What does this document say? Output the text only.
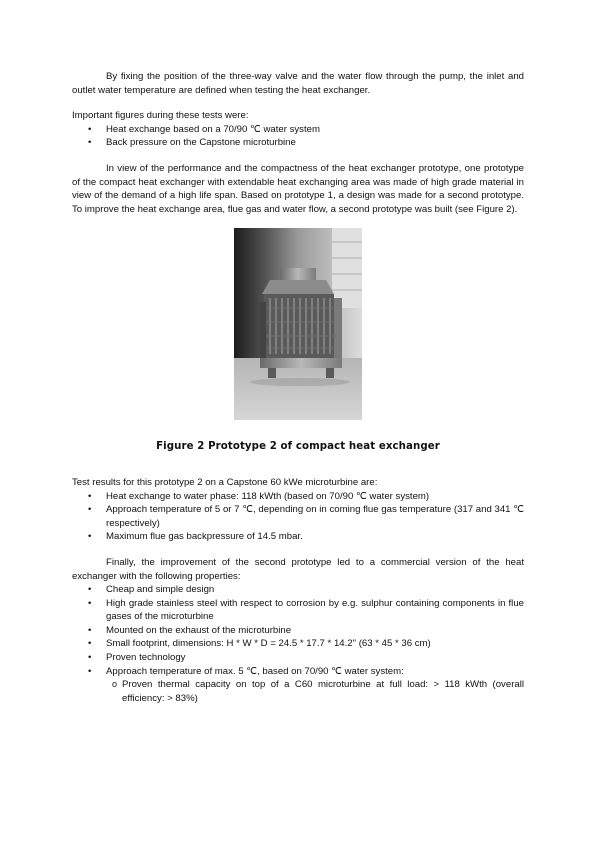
By fixing the position of the three-way valve and the water flow through the pump, the inlet and outlet water temperature are defined when testing the heat exchanger.

Important figures during these tests were:

• Heat exchange based on a 70/90 ℃ water system
• Back pressure on the Capstone microturbine

In view of the performance and the compactness of the heat exchanger prototype, one prototype of the compact heat exchanger with extendable heat exchanging area was made of high grade material in view of the demand of a high life span. Based on prototype 1, a design was made for a second prototype. To improve the heat exchange area, flue gas and water flow, a second prototype was built (see Figure 2).

Figure 2 Prototype 2 of compact heat exchanger

Test results for this prototype 2 on a Capstone 60 kWe microturbine are:

• Heat exchange to water phase: 118 kWth (based on 70/90 ℃ water system)
• Approach temperature of 5 or 7 ℃, depending on in coming flue gas temperature (317 and 341 ℃ respectively)
• Maximum flue gas backpressure of 14.5 mbar.

Finally, the improvement of the second prototype led to a commercial version of the heat exchanger with the following properties:

• Cheap and simple design
• High grade stainless steel with respect to corrosion by e.g. sulphur containing components in flue gases of the microturbine
• Mounted on the exhaust of the microturbine
• Small footprint, dimensions: H * W * D = 24.5 * 17.7 * 14.2" (63 * 45 * 36 cm)
• Proven technology
• Approach temperature of max. 5 ℃, based on 70/90 ℃ water system:
o Proven thermal capacity on top of a C60 microturbine at full load: > 118 kWth (overall efficiency: > 83%)
